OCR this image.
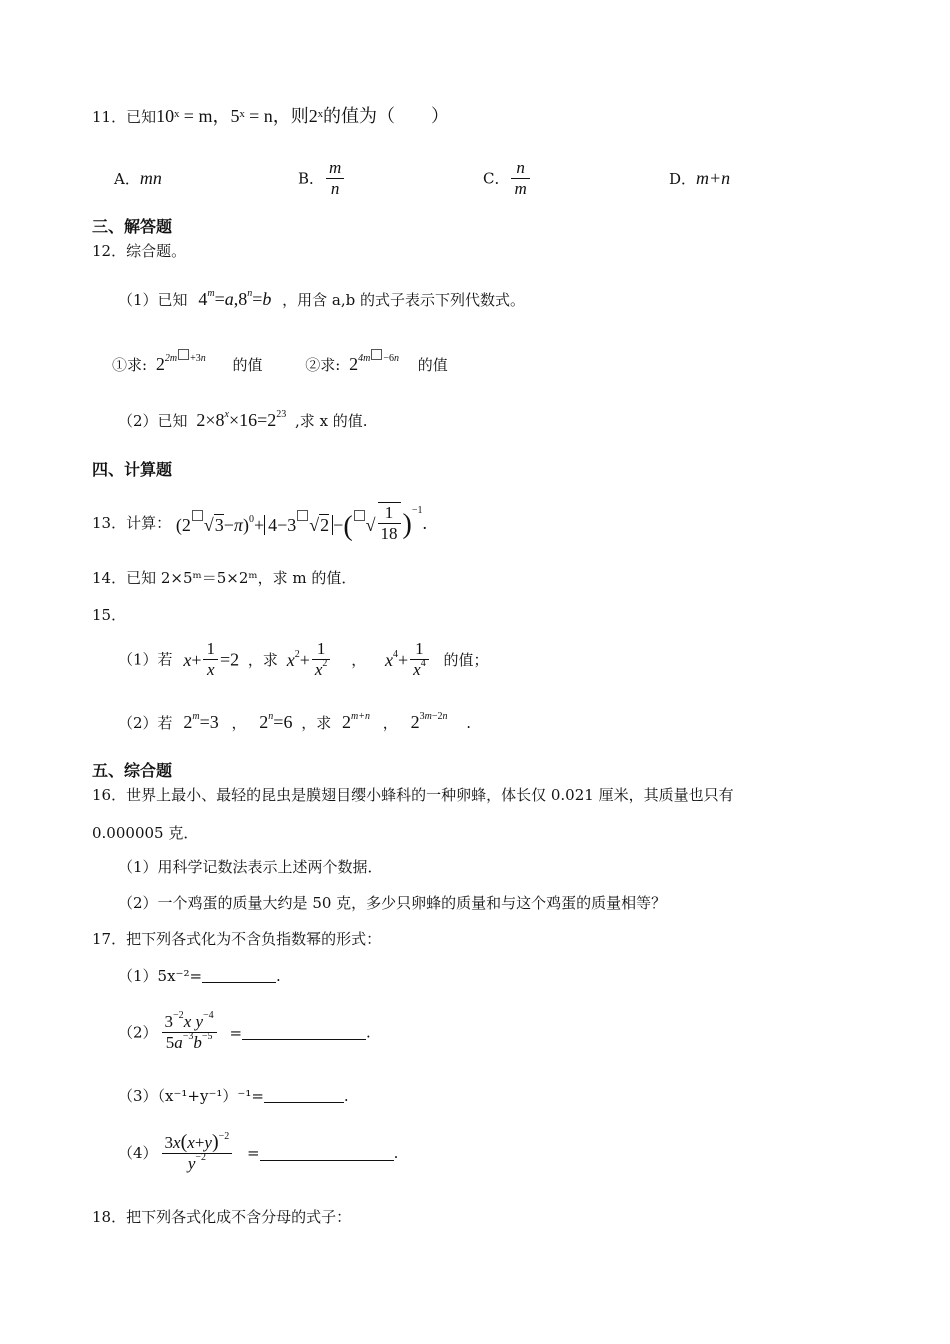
11．已知10ˣ = m，5ˣ = n，则2ˣ的值为（　　）
A．mn	B． $\frac{m}{n}$	C． $\frac{n}{m}$	D．m+n
三、解答题
12．综合题。
（1）已知 $4^m=a,8^n=b$ ，用含 a,b 的式子表示下列代数式。
①求: $2^{2m +3n}$ 的值	②求: $2^{4m -6n}$ 的值
（2）已知 $2\times 8^x\times 16=2^{23}$ ,求 x 的值.
四、计算题
13．计算： (2 √3−π)$^0$+ 4−3 √2 −( √ $\frac{1}{18} )^{-1}$.
14．已知 2×5ᵐ＝5×2ᵐ，求 m 的值．
15．
（1）若 $x+ \frac{1}{x} =2$ ，求 $x^2+ \frac{1}{x^2}$ ， $x^4+ \frac{1}{x^4}$ 的值；
（2）若 $2^m=3$ ， $2^n=6$ ，求 $2^{m+n}$ ， $2^{3m-2n}$ .
五、综合题
16．世界上最小、最轻的昆虫是膜翅目缨小蜂科的一种卵蜂，体长仅 0.021 厘米，其质量也只有
0.000005 克．
（1）用科学记数法表示上述两个数据．
（2）一个鸡蛋的质量大约是 50 克，多少只卵蜂的质量和与这个鸡蛋的质量相等？
17．把下列各式化为不含负指数幂的形式：
（1）5x⁻²=	.
$(2) \frac{3^{-2}x y^{-4}}{5a^{-3}b^{-5}}$ =	.
（3）（x⁻¹+y⁻¹）⁻¹=	.
$(4) \frac{3x(x+y)^{-2}}{y^{-2}}$ =	.
18．把下列各式化成不含分母的式子：
